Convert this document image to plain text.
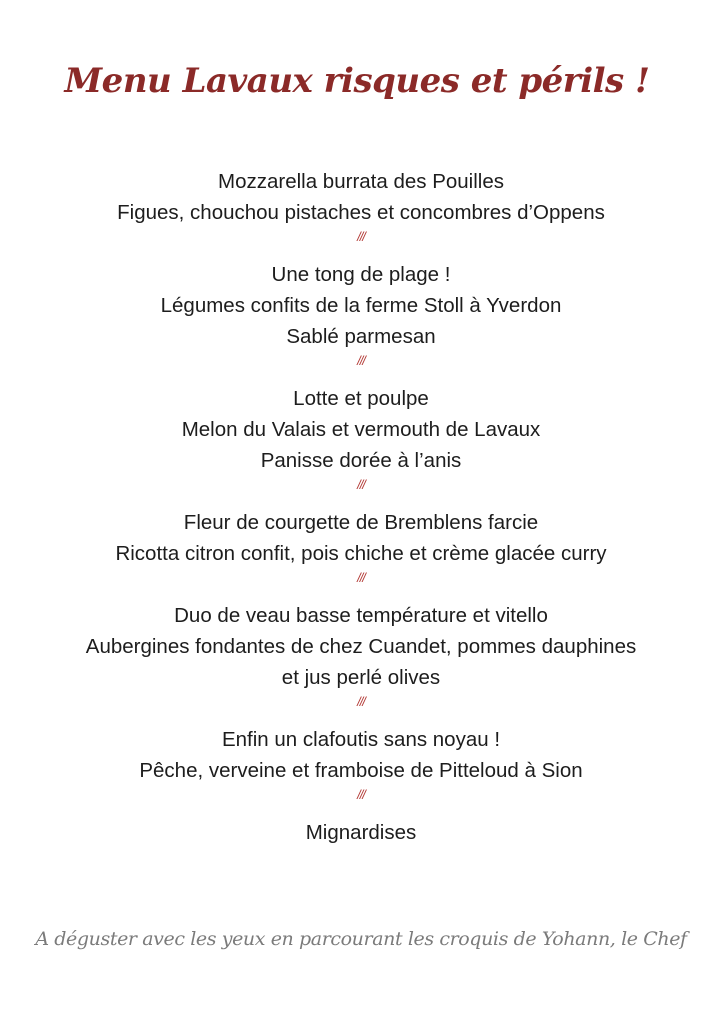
Menu Lavaux risques et périls !
Mozzarella burrata des Pouilles
Figues, chouchou pistaches et concombres d’Oppens
///
Une tong de plage !
Légumes confits de la ferme Stoll à Yverdon
Sablé parmesan
///
Lotte et poulpe
Melon du Valais et vermouth de Lavaux
Panisse dorée à l’anis
///
Fleur de courgette de Bremblens farcie
Ricotta citron confit, pois chiche et crème glacée curry
///
Duo de veau basse température et vitello
Aubergines fondantes de chez Cuandet, pommes dauphines
et jus perlé olives
///
Enfin un clafoutis sans noyau !
Pêche, verveine et framboise de Pitteloud à Sion
///
Mignardises
A déguster avec les yeux en parcourant les croquis de Yohann, le Chef
